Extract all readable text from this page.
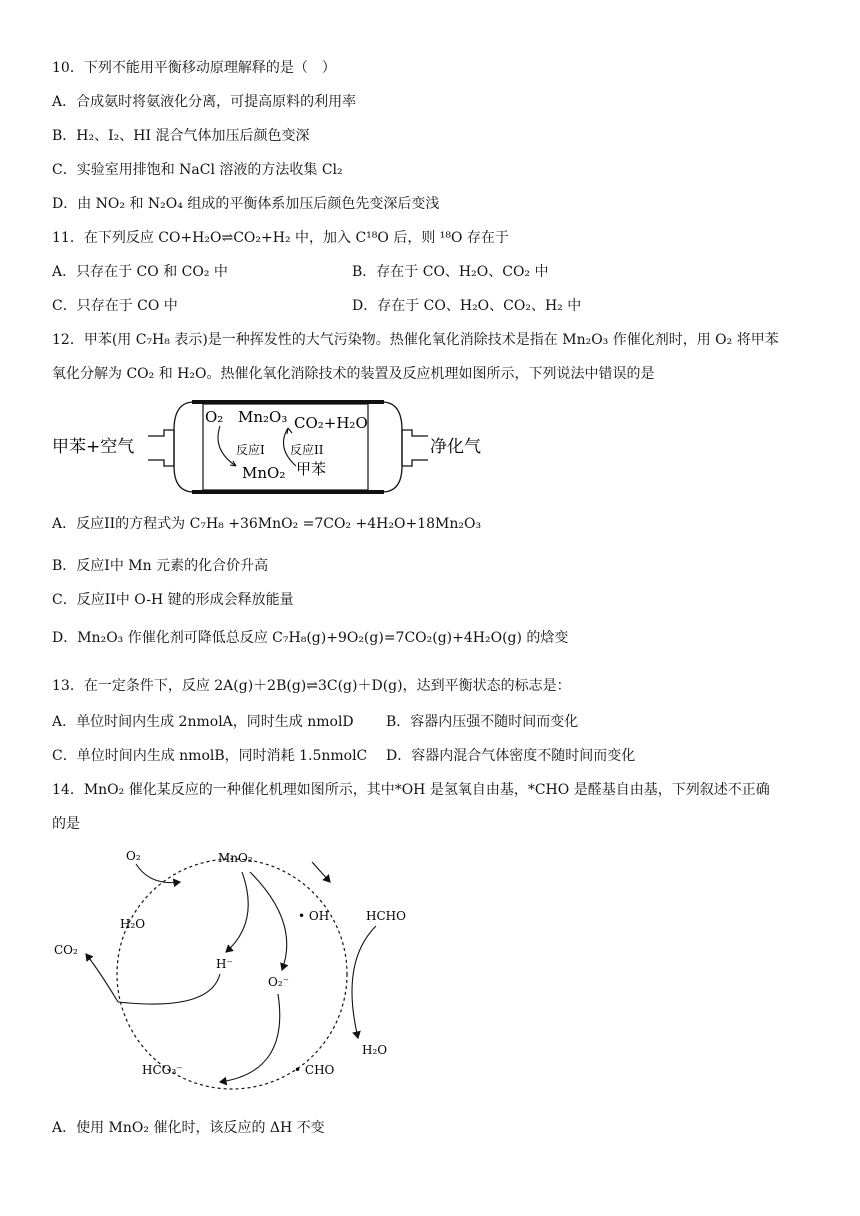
10．下列不能用平衡移动原理解释的是（　）
A．合成氨时将氨液化分离，可提高原料的利用率
B．H₂、I₂、HI 混合气体加压后颜色变深
C．实验室用排饱和 NaCl 溶液的方法收集 Cl₂
D．由 NO₂ 和 N₂O₄ 组成的平衡体系加压后颜色先变深后变浅
11．在下列反应 CO+H₂O⇌CO₂+H₂ 中，加入 C¹⁸O 后，则 ¹⁸O 存在于
A．只存在于 CO 和 CO₂ 中	B．存在于 CO、H₂O、CO₂ 中
C．只存在于 CO 中	D．存在于 CO、H₂O、CO₂、H₂ 中
12．甲苯(用 C₇H₈ 表示)是一种挥发性的大气污染物。热催化氧化消除技术是指在 Mn₂O₃ 作催化剂时，用 O₂ 将甲苯
氧化分解为 CO₂ 和 H₂O。热催化氧化消除技术的装置及反应机理如图所示，下列说法中错误的是
甲苯+空气
O₂ Mn₂O₃ CO₂+H₂O
反应I 反应II
MnO₂ 甲苯
净化气
A．反应II的方程式为 C₇H₈ +36MnO₂ =7CO₂ +4H₂O+18Mn₂O₃
B．反应I中 Mn 元素的化合价升高
C．反应II中 O-H 键的形成会释放能量
D．Mn₂O₃ 作催化剂可降低总反应 C₇H₈(g)+9O₂(g)=7CO₂(g)+4H₂O(g) 的焓变
13．在一定条件下，反应 2A(g)＋2B(g)⇌3C(g)＋D(g)，达到平衡状态的标志是：
A．单位时间内生成 2nmolA，同时生成 nmolD B．容器内压强不随时间而变化
C．单位时间内生成 nmolB，同时消耗 1.5nmolC D．容器内混合气体密度不随时间而变化
14．MnO₂ 催化某反应的一种催化机理如图所示，其中*OH 是氢氧自由基，*CHO 是醛基自由基，下列叙述不正确
的是
O₂	MnO₂
• OH	HCHO
H₂O
CO₂
H⁻
O₂⁻
H₂O
HCO₃⁻	• CHO
A．使用 MnO₂ 催化时，该反应的 ΔH 不变
